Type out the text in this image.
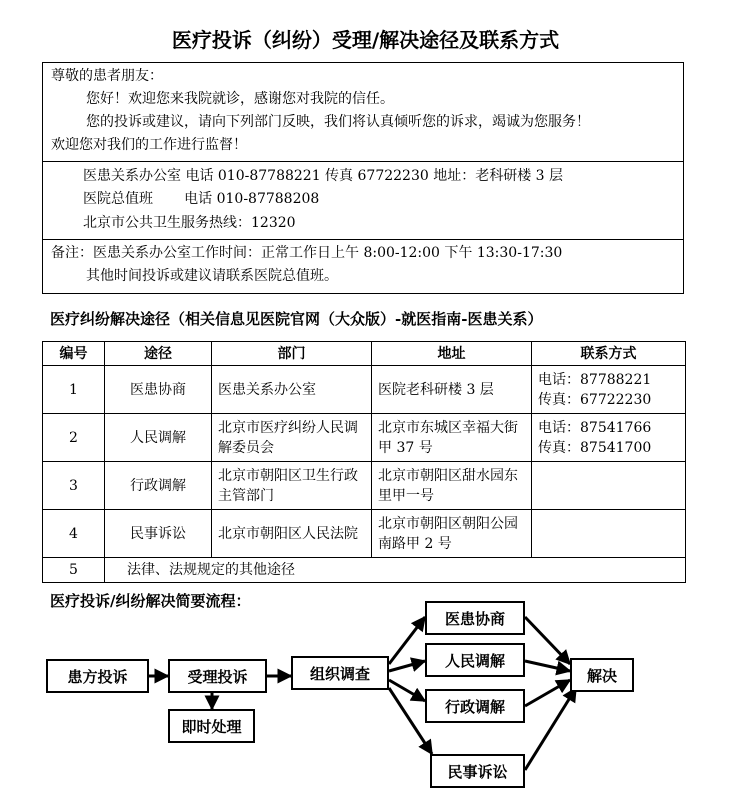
医疗投诉（纠纷）受理/解决途径及联系方式
尊敬的患者朋友：
您好！欢迎您来我院就诊，感谢您对我院的信任。
您的投诉或建议，请向下列部门反映，我们将认真倾听您的诉求，竭诚为您服务！
欢迎您对我们的工作进行监督！
医患关系办公室 电话 010-87788221 传真 67722230 地址：老科研楼 3 层
医院总值班       电话 010-87788208
北京市公共卫生服务热线：12320
备注：医患关系办公室工作时间：正常工作日上午 8:00-12:00 下午 13:30-17:30
其他时间投诉或建议请联系医院总值班。
医疗纠纷解决途径（相关信息见医院官网（大众版）-就医指南-医患关系）
编号	途径	部门	地址	联系方式
1	医患协商	医患关系办公室	医院老科研楼 3 层	电话：87788221
传真：67722230

2	人民调解	北京市医疗纠纷人民调解委员会	北京市东城区幸福大街甲 37 号	电话：87541766
传真：87541700

3	行政调解	北京市朝阳区卫生行政主管部门	北京市朝阳区甜水园东里甲一号	
4	民事诉讼	北京市朝阳区人民法院	北京市朝阳区朝阳公园南路甲 2 号	
5	法律、法规规定的其他途径			
医疗投诉/纠纷解决简要流程：
患方投诉	受理投诉
即时处理
组织调查
医患协商
人民调解
行政调解
民事诉讼
解决
